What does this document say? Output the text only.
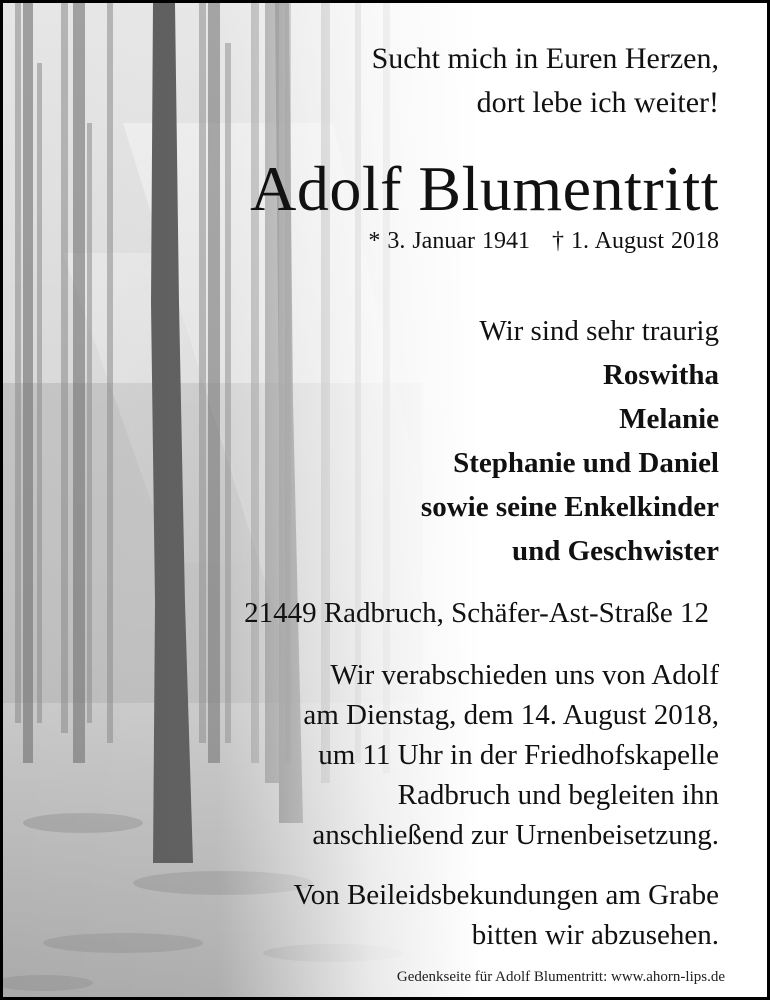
Sucht mich in Euren Herzen,
dort lebe ich weiter!
Adolf Blumentritt
* 3. Januar 1941 † 1. August 2018
Wir sind sehr traurig
Roswitha
Melanie
Stephanie und Daniel
sowie seine Enkelkinder
und Geschwister
21449 Radbruch, Schäfer-Ast-Straße 12
Wir verabschieden uns von Adolf
am Dienstag, dem 14. August 2018,
um 11 Uhr in der Friedhofskapelle
Radbruch und begleiten ihn
anschließend zur Urnenbeisetzung.
Von Beileidsbekundungen am Grabe
bitten wir abzusehen.
Gedenkseite für Adolf Blumentritt: www.ahorn-lips.de
